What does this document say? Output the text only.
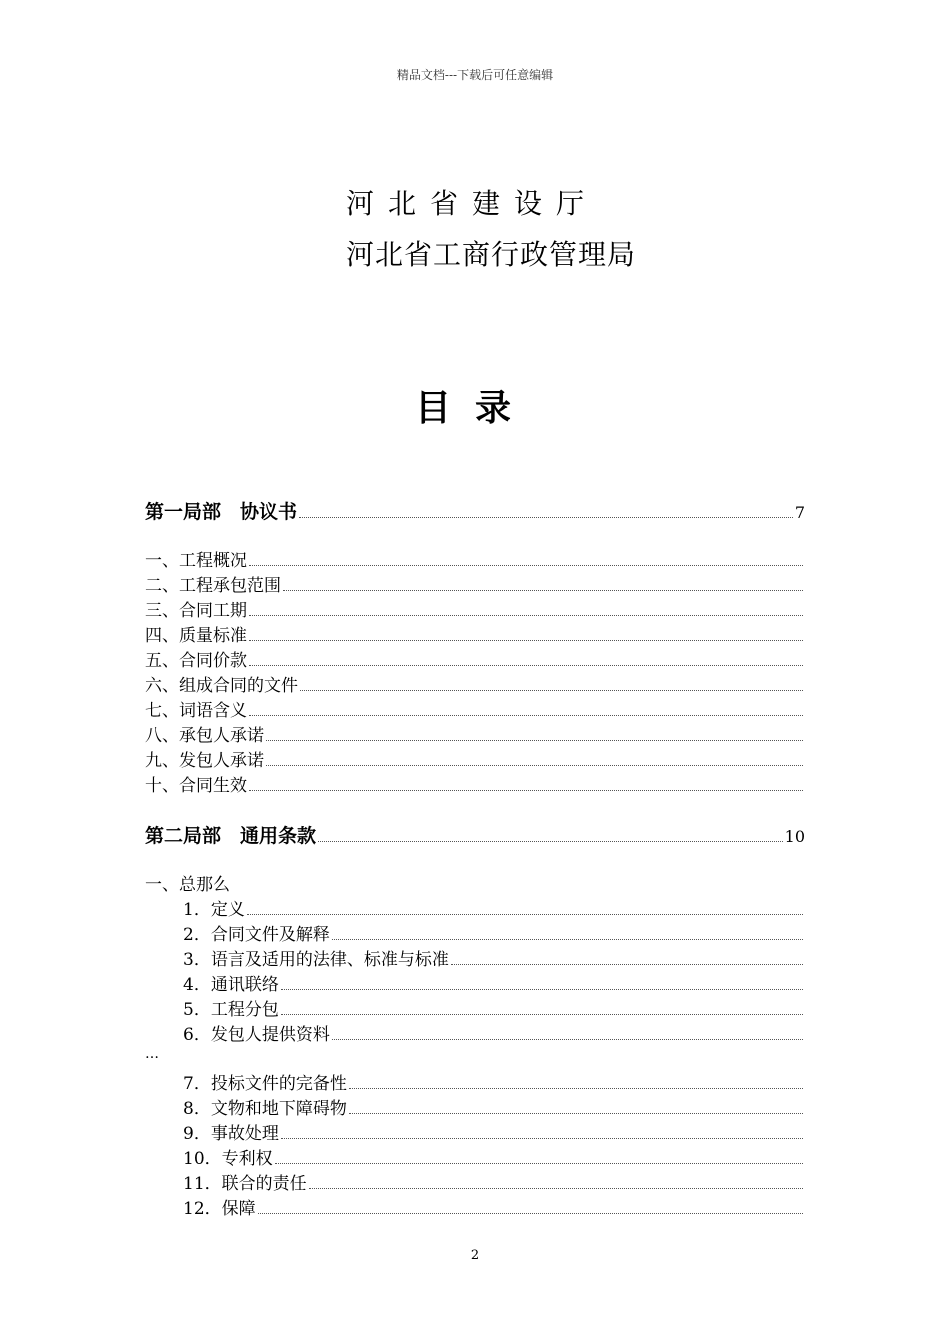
精品文档---下载后可任意编辑
河北省建设厅
河北省工商行政管理局
目录
第一局部　协议书	7
一、工程概况
二、工程承包范围
三、合同工期
四、质量标准
五、合同价款
六、组成合同的文件
七、词语含义
八、承包人承诺
九、发包人承诺
十、合同生效
第二局部　通用条款	10
一、总那么
1．定义
2．合同文件及解释
3．语言及适用的法律、标准与标准
4．通讯联络
5．工程分包
6．发包人提供资料
…
7．投标文件的完备性
8．文物和地下障碍物
9．事故处理
10．专利权
11．联合的责任
12．保障
2
